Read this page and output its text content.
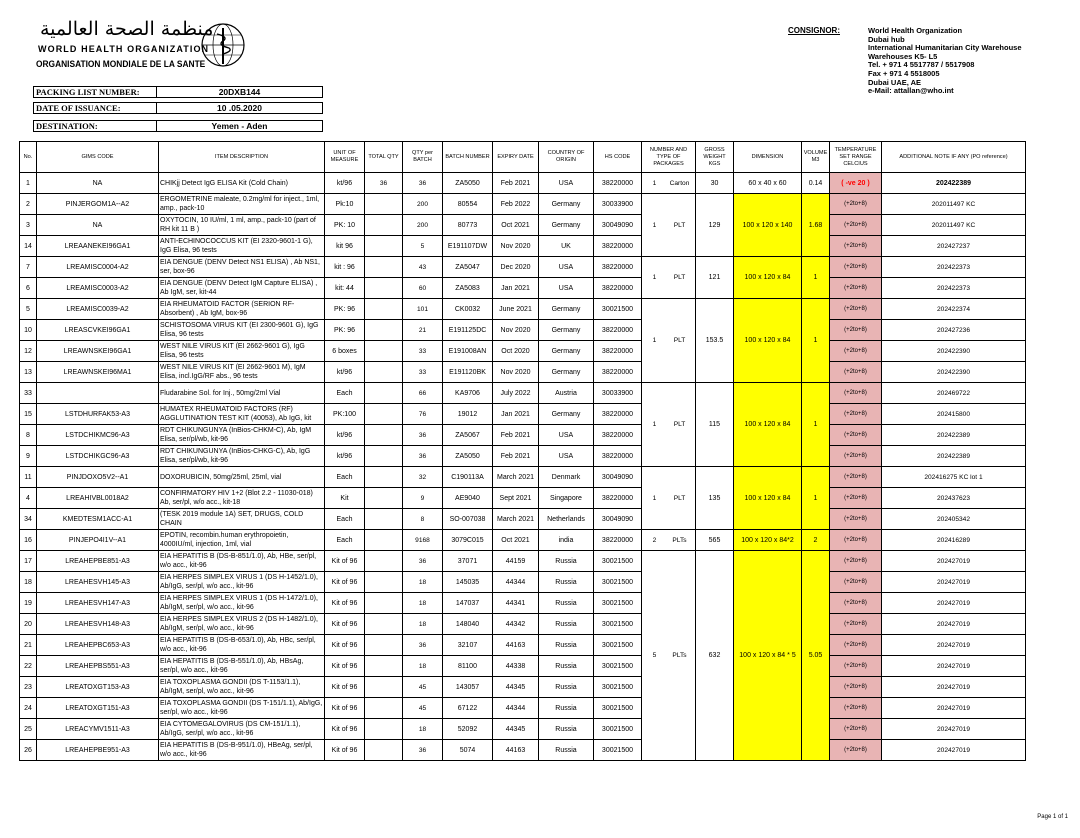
منظمة الصحة العالمية
WORLD HEALTH ORGANIZATION
ORGANISATION MONDIALE DE LA SANTE
CONSIGNOR:	World Health Organization
Dubai hub
International Humanitarian City Warehouse
Warehouses K5- L5
Tel. + 971 4 5517787 / 5517908
Fax + 971 4 5518005
Dubai UAE, AE
e-Mail: attallan@who.int
PACKING LIST NUMBER:	20DXB144
DATE OF ISSUANCE:	10 .05.2020
DESTINATION:	Yemen - Aden
No.	GIMS CODE	ITEM DESCRIPTION	UNIT OF MEASURE	TOTAL QTY	QTY per BATCH	BATCH NUMBER	EXPIRY DATE	COUNTRY OF ORIGIN	HS CODE	NUMBER AND TYPE OF PACKAGES	GROSS WEIGHT KGS	DIMENSION	VOLUME M3	TEMPERATURE SET RANGE CELCIUS	ADDITIONAL NOTE IF ANY (PO reference)
1	NA	CHIKjj Detect IgG ELISA Kit (Cold Chain)	kt/96	36	36	ZA5050	Feb 2021	USA	38220000	1 Carton	30	60 x 40 x 60	0.14	( -ve 20 )	202422389
2	PINJERGOM1A--A2	ERGOMETRINE maleate, 0.2mg/ml for inject., 1ml, amp., pack-10	Pk:10		200	80554	Feb 2022	Germany	30033900	1 PLT	129	100 x 120 x 140	1.68	(+2to+8)	202011497 KC
3	NA	OXYTOCIN, 10 IU/ml, 1 ml, amp., pack-10 (part of RH kit 11 B )	PK: 10		200	80773	Oct 2021	Germany	30049090					(+2to+8)	202011497 KC
14	LREAANEKEI96GA1	ANTI-ECHINOCOCCUS KIT (EI 2320-9601-1 G), IgG Elisa, 96 tests	kit 96		5	E191107DW	Nov 2020	UK	38220000					(+2to+8)	202427237
7	LREAMISC0004-A2	EIA DENGUE (DENV Detect NS1 ELISA) , Ab NS1, ser, box-96	kit : 96		43	ZA5047	Dec 2020	USA	38220000	1 PLT	121	100 x 120 x 84	1	(+2to+8)	202422373
6	LREAMISC0003-A2	EIA DENGUE (DENV Detect IgM Capture ELISA) , Ab IgM, ser, kit-44	kit: 44		60	ZA5083	Jan 2021	USA	38220000					(+2to+8)	202422373
5	LREAMISC0039-A2	EIA RHEUMATOID FACTOR (SERION RF-Absorbent) , Ab IgM, box-96	PK: 96		101	CK0032	June 2021	Germany	30021500	1 PLT	153.5	100 x 120 x 84	1	(+2to+8)	202422374
10	LREASCVKEI96GA1	SCHISTOSOMA VIRUS KIT (EI 2300-9601 G), IgG Elisa, 96 tests	PK: 96		21	E191125DC	Nov 2020	Germany	38220000					(+2to+8)	202427236
12	LREAWNSKEI96GA1	WEST NILE VIRUS KIT (EI 2662-9601 G), IgG Elisa, 96 tests	6 boxes		33	E191008AN	Oct 2020	Germany	38220000					(+2to+8)	202422390
13	LREAWNSKEI96MA1	WEST NILE VIRUS KIT (EI 2662-9601 M), IgM Elisa, incl.IgG/RF abs., 96 tests	kt/96		33	E191120BK	Nov 2020	Germany	38220000					(+2to+8)	202422390
33		Fludarabine Sol. for Inj., 50mg/2ml Vial	Each		66	KA9706	July 2022	Austria	30033900	1 PLT	115	100 x 120 x 84	1	(+2to+8)	202469722
15	LSTDHURFAK53-A3	HUMATEX RHEUMATOID FACTORS (RF) AGGLUTINATION TEST KIT (40053), Ab IgG, kit	PK:100		76	19012	Jan 2021	Germany	38220000					(+2to+8)	202415800
8	LSTDCHIKMC96-A3	RDT CHIKUNGUNYA (InBios-CHKM-C), Ab, IgM Elisa, ser/pl/wb, kit-96	kt/96		36	ZA5067	Feb 2021	USA	38220000					(+2to+8)	202422389
9	LSTDCHIKGC96-A3	RDT CHIKUNGUNYA (InBios-CHKG-C), Ab, IgG Elisa, ser/pl/wb, kit-96	kt/96		36	ZA5050	Feb 2021	USA	38220000					(+2to+8)	202422389
11	PINJDOXO5V2--A1	DOXORUBICIN, 50mg/25ml, 25ml, vial	Each		32	C190113A	March 2021	Denmark	30049090	1 PLT	135	100 x 120 x 84	1	(+2to+8)	202416275 KC lot 1
4	LREAHIVBL0018A2	CONFIRMATORY HIV 1+2 (Blot 2.2 - 11030-018) Ab, ser/pl, w/o acc., kit-18	Kit		9	AE9040	Sept 2021	Singapore	38220000					(+2to+8)	202437623
34	KMEDTESM1ACC-A1	(TESK 2019 module 1A) SET, DRUGS, COLD CHAIN	Each		8	SO-007038	March 2021	Netherlands	30049090					(+2to+8)	202405342
16	PINJEPO4I1V--A1	EPOTIN, recombin.human erythropoietin, 4000IU/ml, injection, 1ml, vial	Each		9168	3079C015	Oct 2021	india	38220000	2 PLTs	565	100 x 120 x 84*2	2	(+2to+8)	202416289
17	LREAHEPBE851-A3	EIA HEPATITIS B (DS-B-851/1.0), Ab, HBe, ser/pl, w/o acc., kit-96	Kit of 96		36	37071	44159	Russia	30021500	5 PLTs	632	100 x 120 x 84 * 5	5.05	(+2to+8)	202427019
18	LREAHESVH145-A3	EIA HERPES SIMPLEX VIRUS 1 (DS H-1452/1.0), Ab/IgG, ser/pl, w/o acc., kit-96	Kit of 96		18	145035	44344	Russia	30021500					(+2to+8)	202427019
19	LREAHESVH147-A3	EIA HERPES SIMPLEX VIRUS 1 (DS H-1472/1.0), Ab/IgM, ser/pl, w/o acc., kit-96	Kit of 96		18	147037	44341	Russia	30021500					(+2to+8)	202427019
20	LREAHESVH148-A3	EIA HERPES SIMPLEX VIRUS 2 (DS H-1482/1.0), Ab/IgM, ser/pl, w/o acc., kit-96	Kit of 96		18	148040	44342	Russia	30021500					(+2to+8)	202427019
21	LREAHEPBC653-A3	EIA HEPATITIS B (DS-B-653/1.0), Ab, HBc, ser/pl, w/o acc., kit-96	Kit of 96		36	32107	44163	Russia	30021500					(+2to+8)	202427019
22	LREAHEPBS551-A3	EIA HEPATITIS B (DS-B-551/1.0), Ab, HBsAg, ser/pl, w/o acc., kit-96	Kit of 96		18	81100	44338	Russia	30021500					(+2to+8)	202427019
23	LREATOXGT153-A3	EIA TOXOPLASMA GONDII (DS T-1153/1.1), Ab/IgM, ser/pl, w/o acc., kit-96	Kit of 96		45	143057	44345	Russia	30021500					(+2to+8)	202427019
24	LREATOXGT151-A3	EIA TOXOPLASMA GONDII (DS T-151/1.1), Ab/IgG, ser/pl, w/o acc., kit-96	Kit of 96		45	67122	44344	Russia	30021500					(+2to+8)	202427019
25	LREACYMV1511-A3	EIA CYTOMEGALOVIRUS (DS CM-151/1.1), Ab/IgG, ser/pl, w/o acc., kit-96	Kit of 96		18	52092	44345	Russia	30021500					(+2to+8)	202427019
26	LREAHEPBE951-A3	EIA HEPATITIS B (DS-B-951/1.0), HBeAg, ser/pl, w/o acc., kit-96	Kit of 96		36	5074	44163	Russia	30021500					(+2to+8)	202427019
Page 1 of 1
